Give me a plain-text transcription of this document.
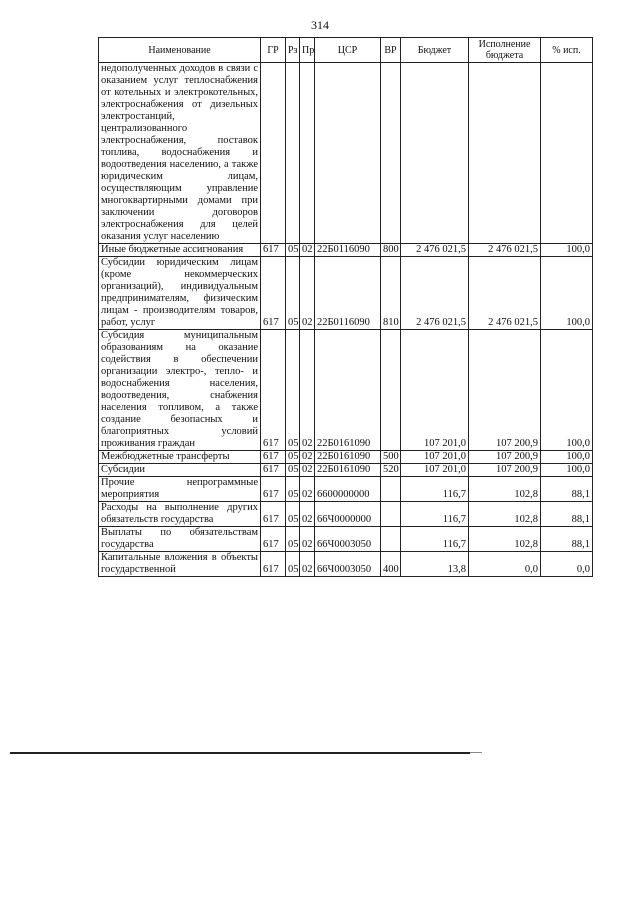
314
Наименование	ГР	Рз	Пр	ЦСР	ВР	Бюджет	Исполнение бюджета	% исп.
недополученных доходов в связи с оказанием услуг теплоснабжения от котельных и электрокотельных, электроснабжения от дизельных электростанций, централизованного электроснабжения, поставок топлива, водоснабжения и водоотведения населению, а также юридическим лицам, осуществляющим управление многоквартирными домами при заключении договоров электроснабжения для целей оказания услуг населению								
Иные бюджетные ассигнования	617	05	02	22Б0116090	800	2 476 021,5	2 476 021,5	100,0
Субсидии юридическим лицам (кроме некоммерческих организаций), индивидуальным предпринимателям, физическим лицам - производителям товаров, работ, услуг	617	05	02	22Б0116090	810	2 476 021,5	2 476 021,5	100,0
Субсидия муниципальным образованиям на оказание содействия в обеспечении организации электро-, тепло- и водоснабжения населения, водоотведения, снабжения населения топливом, а также создание безопасных и благоприятных условий проживания граждан	617	05	02	22Б0161090		107 201,0	107 200,9	100,0
Межбюджетные трансферты	617	05	02	22Б0161090	500	107 201,0	107 200,9	100,0
Субсидии	617	05	02	22Б0161090	520	107 201,0	107 200,9	100,0
Прочие непрограммные мероприятия	617	05	02	6600000000		116,7	102,8	88,1
Расходы на выполнение других обязательств государства	617	05	02	66Ч0000000		116,7	102,8	88,1
Выплаты по обязательствам государства	617	05	02	66Ч0003050		116,7	102,8	88,1
Капитальные вложения в объекты государственной	617	05	02	66Ч0003050	400	13,8	0,0	0,0
